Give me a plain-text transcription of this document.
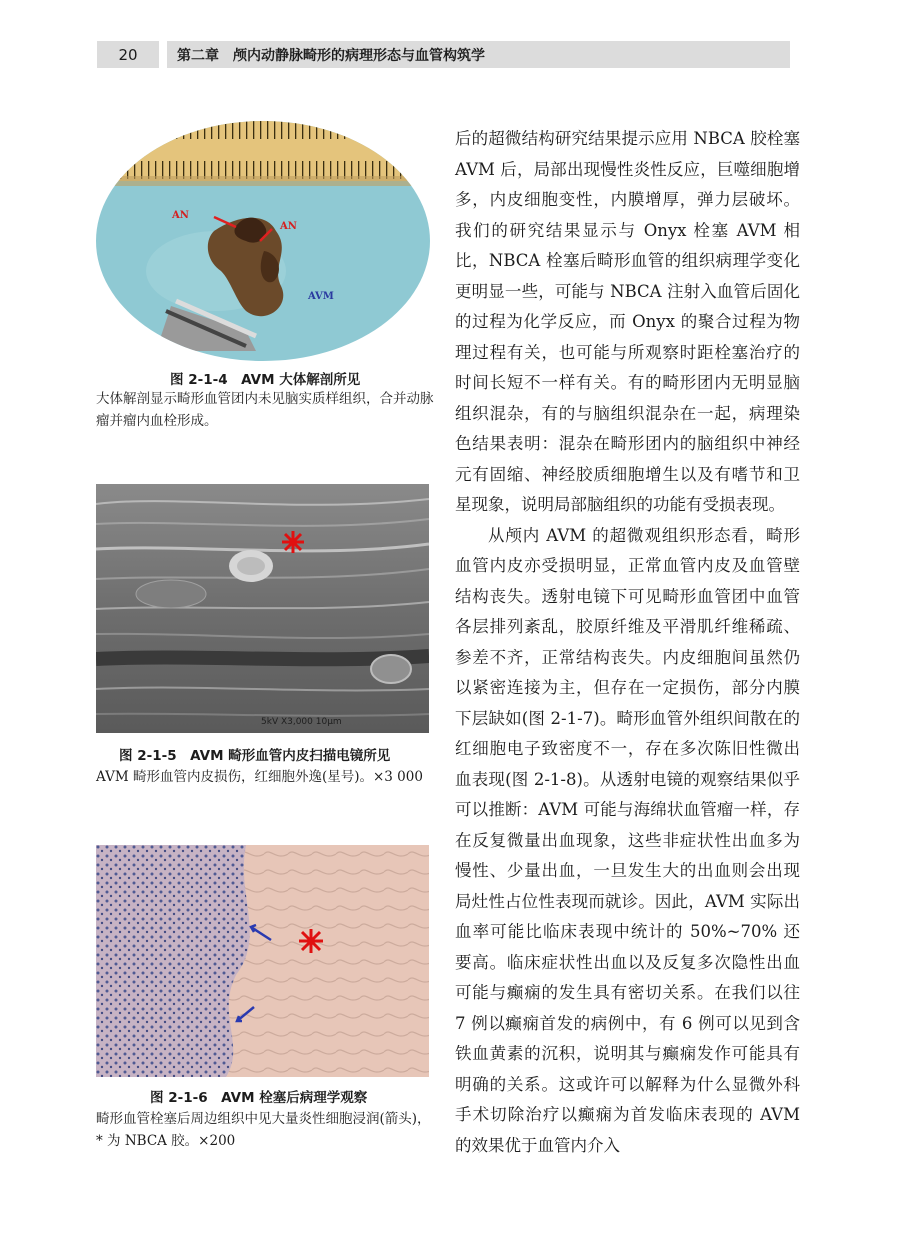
20	第二章　颅内动静脉畸形的病理形态与血管构筑学
AN
AN
AVM
图 2-1-4　AVM 大体解剖所见
大体解剖显示畸形血管团内未见脑实质样组织，合并动脉瘤并瘤内血栓形成。
5kV X3,000 10μm
图 2-1-5　AVM 畸形血管内皮扫描电镜所见
AVM 畸形血管内皮损伤，红细胞外逸(星号)。×3 000
图 2-1-6　AVM 栓塞后病理学观察
畸形血管栓塞后周边组织中见大量炎性细胞浸润(箭头)，* 为 NBCA 胶。×200

后的超微结构研究结果提示应用 NBCA 胶栓塞 AVM 后，局部出现慢性炎性反应，巨噬细胞增多，内皮细胞变性，内膜增厚，弹力层破坏。我们的研究结果显示与 Onyx 栓塞 AVM 相比，NBCA 栓塞后畸形血管的组织病理学变化更明显一些，可能与 NBCA 注射入血管后固化的过程为化学反应，而 Onyx 的聚合过程为物理过程有关，也可能与所观察时距栓塞治疗的时间长短不一样有关。有的畸形团内无明显脑组织混杂，有的与脑组织混杂在一起，病理染色结果表明：混杂在畸形团内的脑组织中神经元有固缩、神经胶质细胞增生以及有嗜节和卫星现象，说明局部脑组织的功能有受损表现。

从颅内 AVM 的超微观组织形态看，畸形血管内皮亦受损明显，正常血管内皮及血管壁结构丧失。透射电镜下可见畸形血管团中血管各层排列紊乱，胶原纤维及平滑肌纤维稀疏、参差不齐，正常结构丧失。内皮细胞间虽然仍以紧密连接为主，但存在一定损伤，部分内膜下层缺如(图 2-1-7)。畸形血管外组织间散在的红细胞电子致密度不一，存在多次陈旧性微出血表现(图 2-1-8)。从透射电镜的观察结果似乎可以推断：AVM 可能与海绵状血管瘤一样，存在反复微量出血现象，这些非症状性出血多为慢性、少量出血，一旦发生大的出血则会出现局灶性占位性表现而就诊。因此，AVM 实际出血率可能比临床表现中统计的 50%~70% 还要高。临床症状性出血以及反复多次隐性出血可能与癫痫的发生具有密切关系。在我们以往 7 例以癫痫首发的病例中，有 6 例可以见到含铁血黄素的沉积，说明其与癫痫发作可能具有明确的关系。这或许可以解释为什么显微外科手术切除治疗以癫痫为首发临床表现的 AVM 的效果优于血管内介入
